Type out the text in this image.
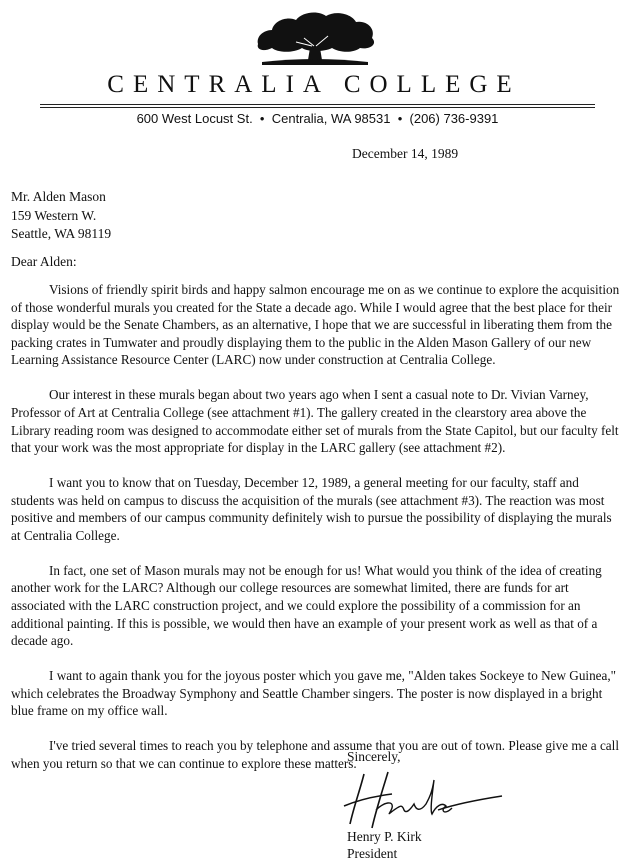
CENTRALIA COLLEGE
600 West Locust St. • Centralia, WA 98531 • (206) 736-9391
December 14, 1989
Mr. Alden Mason
159 Western W.
Seattle, WA 98119
Dear Alden:

Visions of friendly spirit birds and happy salmon encourage me on as we continue to explore the acquisition of those wonderful murals you created for the State a decade ago. While I would agree that the best place for their display would be the Senate Chambers, as an alternative, I hope that we are successful in liberating them from the packing crates in Tumwater and proudly displaying them to the public in the Alden Mason Gallery of our new Learning Assistance Resource Center (LARC) now under construction at Centralia College.

Our interest in these murals began about two years ago when I sent a casual note to Dr. Vivian Varney, Professor of Art at Centralia College (see attachment #1). The gallery created in the clearstory area above the Library reading room was designed to accommodate either set of murals from the State Capitol, but our faculty felt that your work was the most appropriate for display in the LARC gallery (see attachment #2).

I want you to know that on Tuesday, December 12, 1989, a general meeting for our faculty, staff and students was held on campus to discuss the acquisition of the murals (see attachment #3). The reaction was most positive and members of our campus community definitely wish to pursue the possibility of displaying the murals at Centralia College.

In fact, one set of Mason murals may not be enough for us! What would you think of the idea of creating another work for the LARC? Although our college resources are somewhat limited, there are funds for art associated with the LARC construction project, and we could explore the possibility of a commission for an additional painting. If this is possible, we would then have an example of your present work as well as that of a decade ago.

I want to again thank you for the joyous poster which you gave me, "Alden takes Sockeye to New Guinea," which celebrates the Broadway Symphony and Seattle Chamber singers. The poster is now displayed in a bright blue frame on my office wall.

I've tried several times to reach you by telephone and assume that you are out of town. Please give me a call when you return so that we can continue to explore these matters.

Sincerely,
Henry P. Kirk
President
